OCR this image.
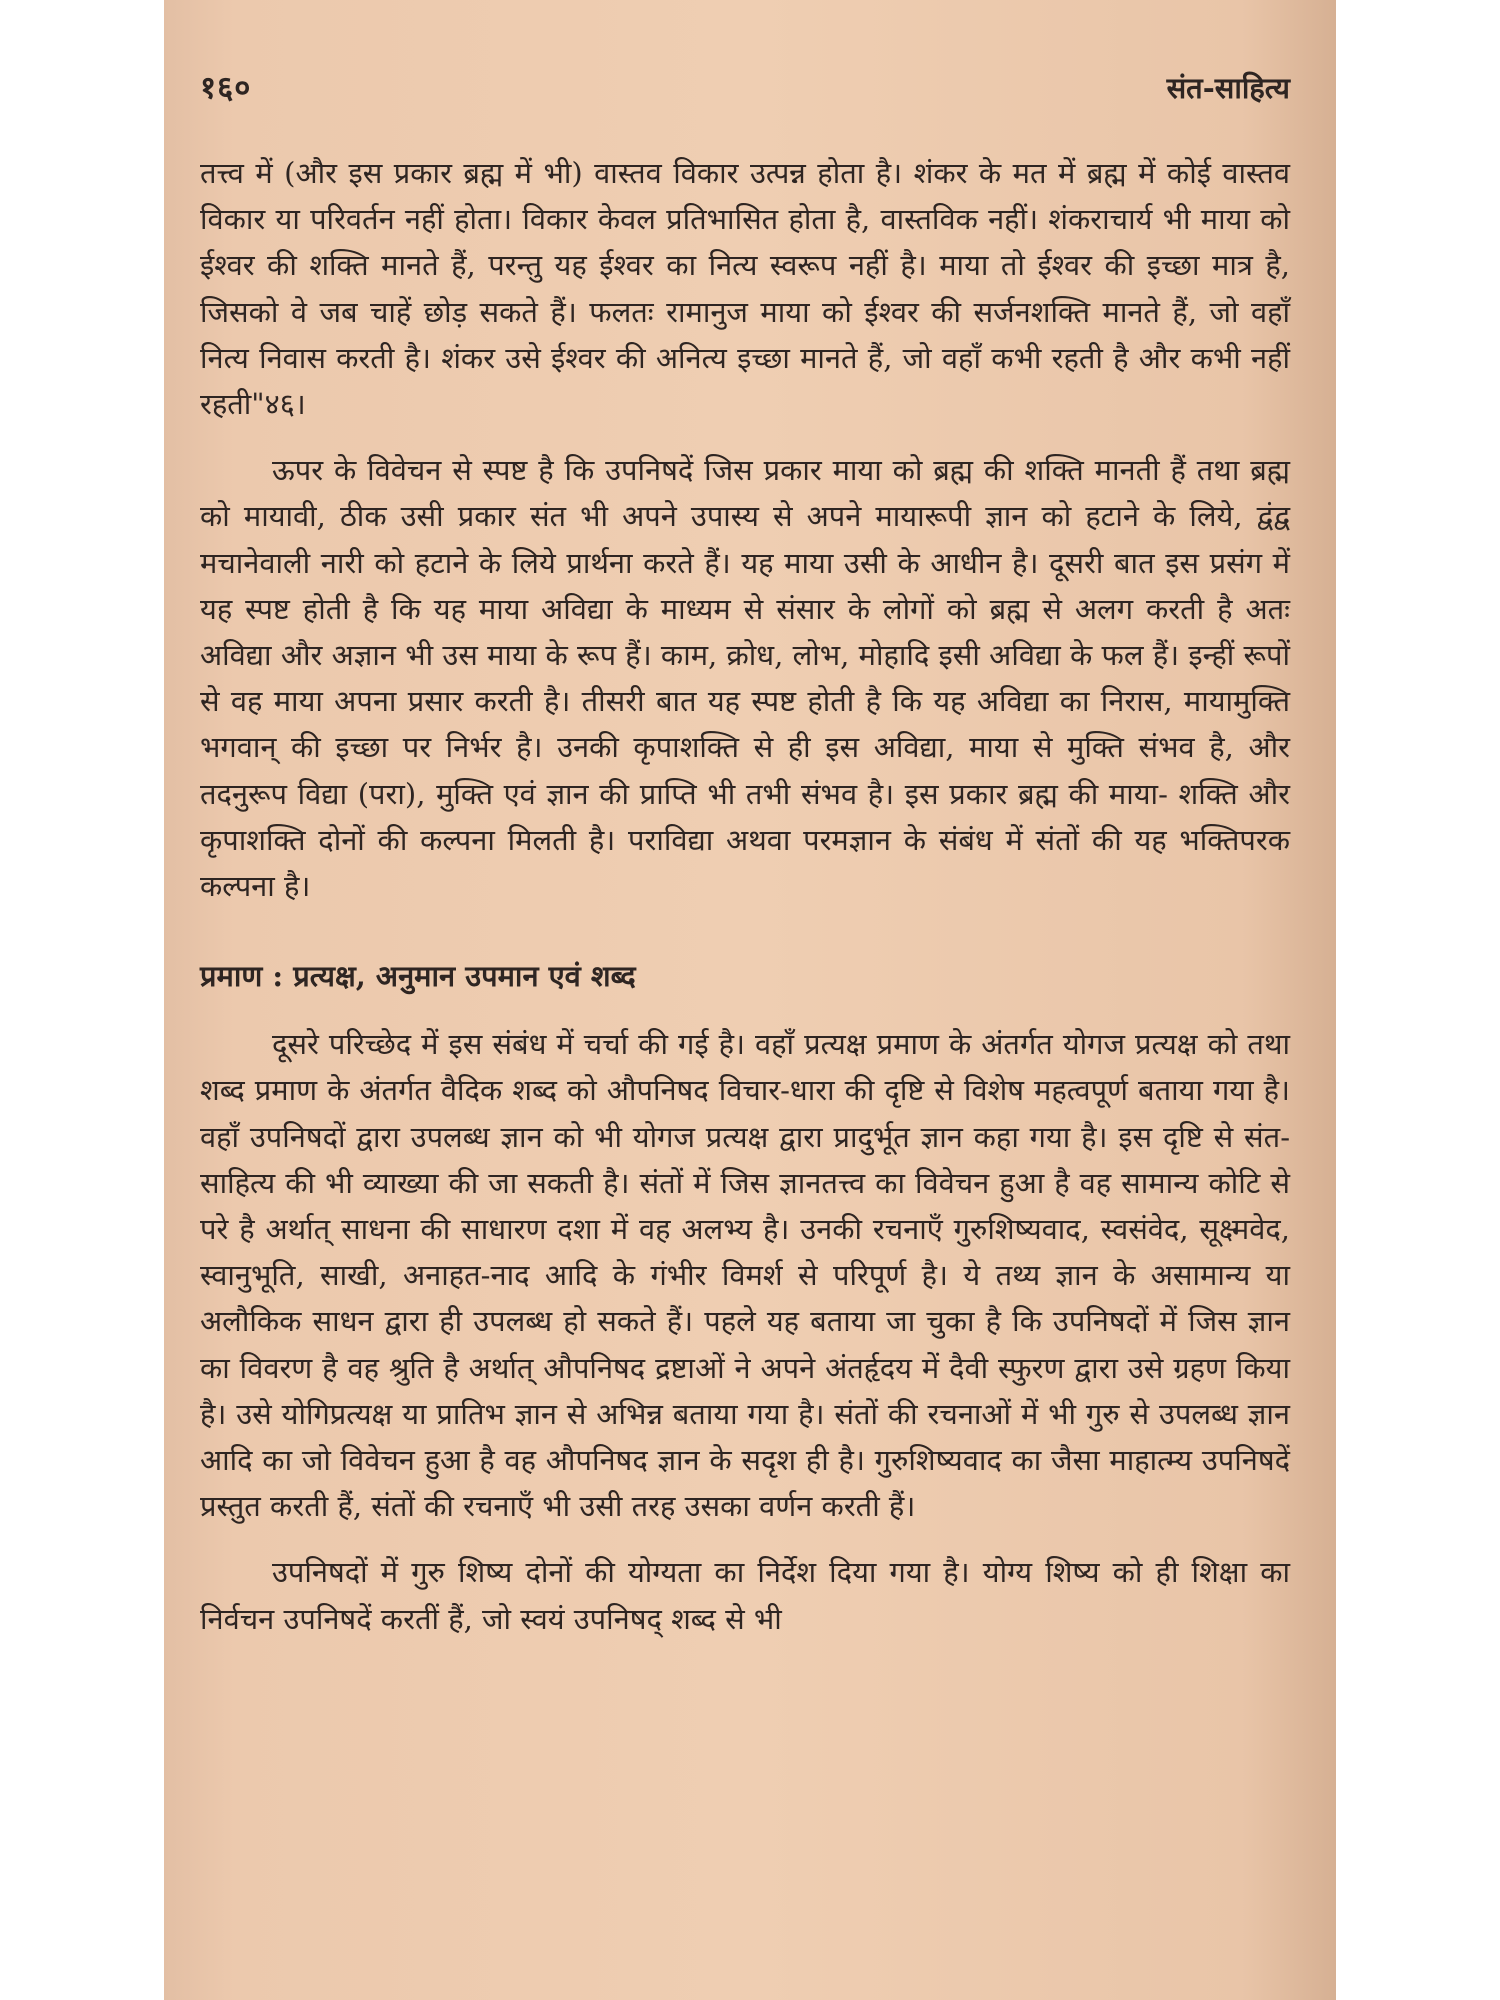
१६०	संत-साहित्य

तत्त्व में (और इस प्रकार ब्रह्म में भी) वास्तव विकार उत्पन्न होता है। शंकर के मत में ब्रह्म में कोई वास्तव विकार या परिवर्तन नहीं होता। विकार केवल प्रतिभासित होता है, वास्तविक नहीं। शंकराचार्य भी माया को ईश्वर की शक्ति मानते हैं, परन्तु यह ईश्वर का नित्य स्वरूप नहीं है। माया तो ईश्वर की इच्छा मात्र है, जिसको वे जब चाहें छोड़ सकते हैं। फलतः रामानुज माया को ईश्वर की सर्जनशक्ति मानते हैं, जो वहाँ नित्य निवास करती है। शंकर उसे ईश्वर की अनित्य इच्छा मानते हैं, जो वहाँ कभी रहती है और कभी नहीं रहती"४६।

ऊपर के विवेचन से स्पष्ट है कि उपनिषदें जिस प्रकार माया को ब्रह्म की शक्ति मानती हैं तथा ब्रह्म को मायावी, ठीक उसी प्रकार संत भी अपने उपास्य से अपने मायारूपी ज्ञान को हटाने के लिये, द्वंद्व मचानेवाली नारी को हटाने के लिये प्रार्थना करते हैं। यह माया उसी के आधीन है। दूसरी बात इस प्रसंग में यह स्पष्ट होती है कि यह माया अविद्या के माध्यम से संसार के लोगों को ब्रह्म से अलग करती है अतः अविद्या और अज्ञान भी उस माया के रूप हैं। काम, क्रोध, लोभ, मोहादि इसी अविद्या के फल हैं। इन्हीं रूपों से वह माया अपना प्रसार करती है। तीसरी बात यह स्पष्ट होती है कि यह अविद्या का निरास, मायामुक्ति भगवान् की इच्छा पर निर्भर है। उनकी कृपाशक्ति से ही इस अविद्या, माया से मुक्ति संभव है, और तदनुरूप विद्या (परा), मुक्ति एवं ज्ञान की प्राप्ति भी तभी संभव है। इस प्रकार ब्रह्म की माया- शक्ति और कृपाशक्ति दोनों की कल्पना मिलती है। पराविद्या अथवा परमज्ञान के संबंध में संतों की यह भक्तिपरक कल्पना है।

प्रमाण : प्रत्यक्ष, अनुमान उपमान एवं शब्द

दूसरे परिच्छेद में इस संबंध में चर्चा की गई है। वहाँ प्रत्यक्ष प्रमाण के अंतर्गत योगज प्रत्यक्ष को तथा शब्द प्रमाण के अंतर्गत वैदिक शब्द को औपनिषद विचार-धारा की दृष्टि से विशेष महत्वपूर्ण बताया गया है। वहाँ उपनिषदों द्वारा उपलब्ध ज्ञान को भी योगज प्रत्यक्ष द्वारा प्रादुर्भूत ज्ञान कहा गया है। इस दृष्टि से संत-साहित्य की भी व्याख्या की जा सकती है। संतों में जिस ज्ञानतत्त्व का विवेचन हुआ है वह सामान्य कोटि से परे है अर्थात् साधना की साधारण दशा में वह अलभ्य है। उनकी रचनाएँ गुरुशिष्यवाद, स्वसंवेद, सूक्ष्मवेद, स्वानुभूति, साखी, अनाहत-नाद आदि के गंभीर विमर्श से परिपूर्ण है। ये तथ्य ज्ञान के असामान्य या अलौकिक साधन द्वारा ही उपलब्ध हो सकते हैं। पहले यह बताया जा चुका है कि उपनिषदों में जिस ज्ञान का विवरण है वह श्रुति है अर्थात् औपनिषद द्रष्टाओं ने अपने अंतर्हृदय में दैवी स्फुरण द्वारा उसे ग्रहण किया है। उसे योगिप्रत्यक्ष या प्रातिभ ज्ञान से अभिन्न बताया गया है। संतों की रचनाओं में भी गुरु से उपलब्ध ज्ञान आदि का जो विवेचन हुआ है वह औपनिषद ज्ञान के सदृश ही है। गुरुशिष्यवाद का जैसा माहात्म्य उपनिषदें प्रस्तुत करती हैं, संतों की रचनाएँ भी उसी तरह उसका वर्णन करती हैं।

उपनिषदों में गुरु शिष्य दोनों की योग्यता का निर्देश दिया गया है। योग्य शिष्य को ही शिक्षा का निर्वचन उपनिषदें करतीं हैं, जो स्वयं उपनिषद् शब्द से भी
